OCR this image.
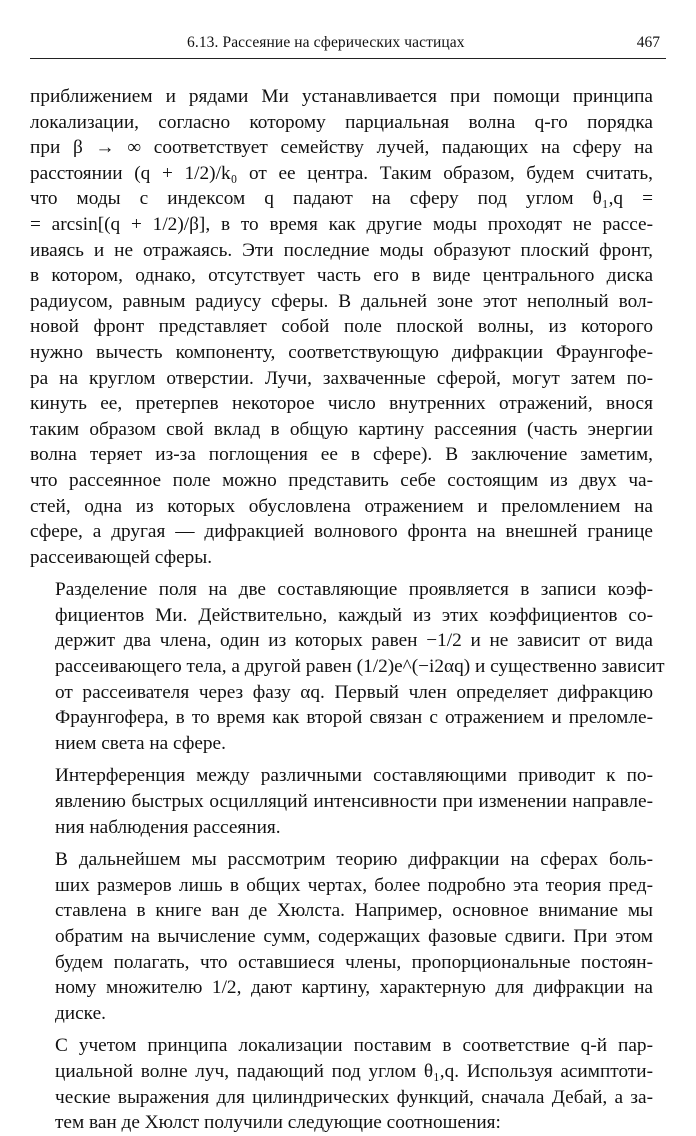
6.13. Рассеяние на сферических частицах	467

приближением и рядами Ми устанавливается при помощи принципа
локализации, согласно которому парциальная волна q-го порядка
при β → ∞ соответствует семейству лучей, падающих на сферу на
расстоянии (q + 1/2)/k₀ от ее центра. Таким образом, будем считать,
что моды с индексом q падают на сферу под углом θ₁,q =
= arcsin[(q + 1/2)/β], в то время как другие моды проходят не рассе-
иваясь и не отражаясь. Эти последние моды образуют плоский фронт,
в котором, однако, отсутствует часть его в виде центрального диска
радиусом, равным радиусу сферы. В дальней зоне этот неполный вол-
новой фронт представляет собой поле плоской волны, из которого
нужно вычесть компоненту, соответствующую дифракции Фраунгофе-
ра на круглом отверстии. Лучи, захваченные сферой, могут затем по-
кинуть ее, претерпев некоторое число внутренних отражений, внося
таким образом свой вклад в общую картину рассеяния (часть энергии
волна теряет из-за поглощения ее в сфере). В заключение заметим,
что рассеянное поле можно представить себе состоящим из двух ча-
стей, одна из которых обусловлена отражением и преломлением на
сфере, а другая — дифракцией волнового фронта на внешней границе
рассеивающей сферы.

Разделение поля на две составляющие проявляется в записи коэф-
фициентов Ми. Действительно, каждый из этих коэффициентов со-
держит два члена, один из которых равен −1/2 и не зависит от вида
рассеивающего тела, а другой равен (1/2)e^(−i2αq) и существенно зависит
от рассеивателя через фазу αq. Первый член определяет дифракцию
Фраунгофера, в то время как второй связан с отражением и преломле-
нием света на сфере.

Интерференция между различными составляющими приводит к по-
явлению быстрых осцилляций интенсивности при изменении направле-
ния наблюдения рассеяния.

В дальнейшем мы рассмотрим теорию дифракции на сферах боль-
ших размеров лишь в общих чертах, более подробно эта теория пред-
ставлена в книге ван де Хюлста. Например, основное внимание мы
обратим на вычисление сумм, содержащих фазовые сдвиги. При этом
будем полагать, что оставшиеся члены, пропорциональные постоян-
ному множителю 1/2, дают картину, характерную для дифракции на
диске.

С учетом принципа локализации поставим в соответствие q-й пар-
циальной волне луч, падающий под углом θ₁,q. Используя асимптоти-
ческие выражения для цилиндрических функций, сначала Дебай, а за-
тем ван де Хюлст получили следующие соотношения:
